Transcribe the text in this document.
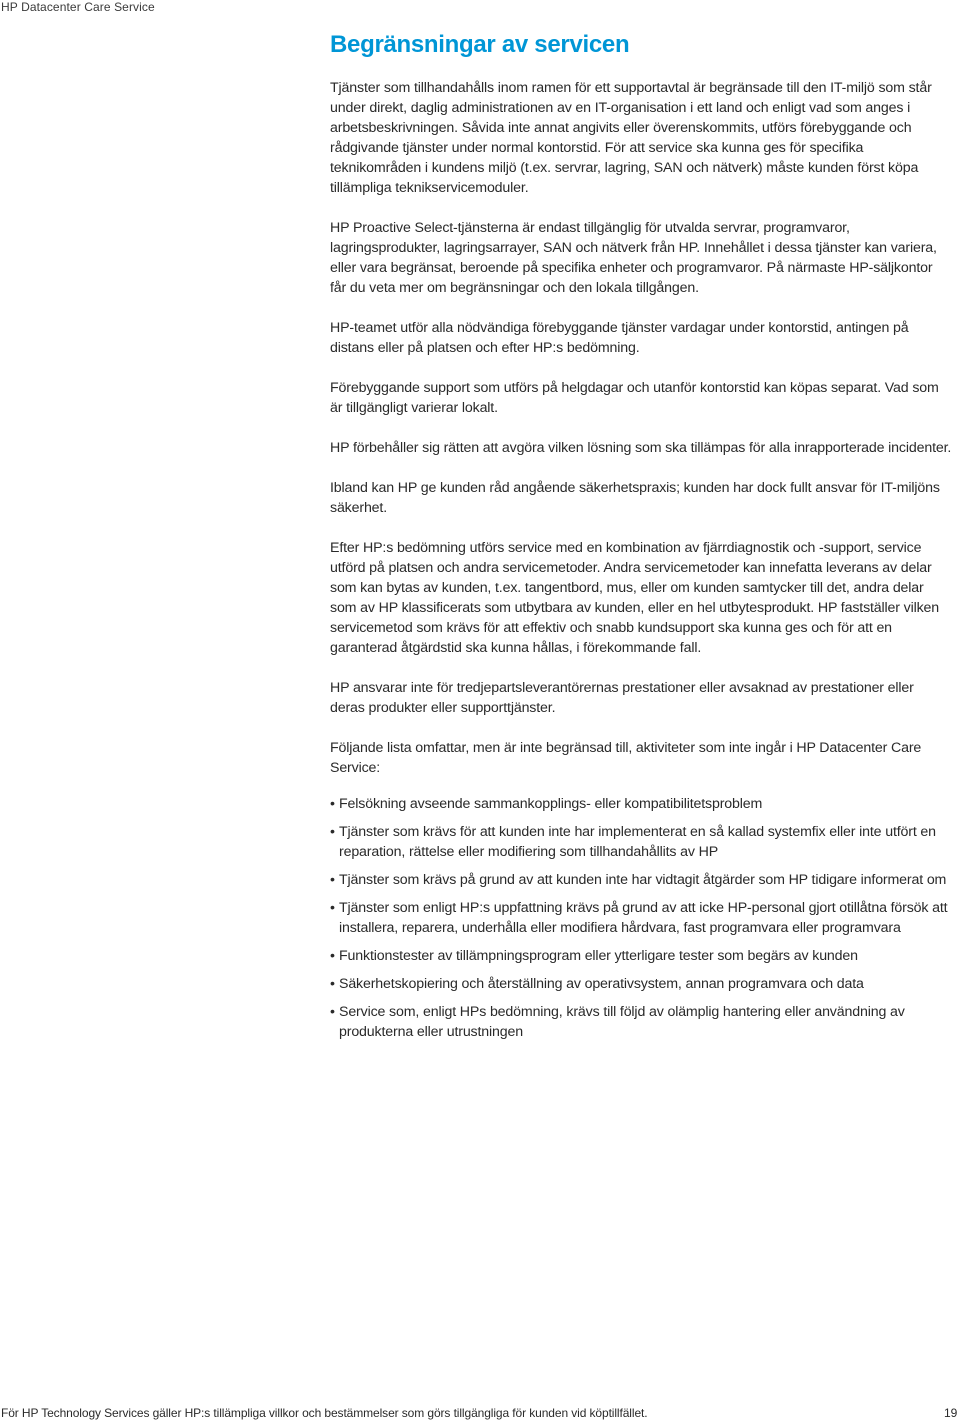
HP Datacenter Care Service
Begränsningar av servicen

Tjänster som tillhandahålls inom ramen för ett supportavtal är begränsade till den IT-miljö som står under direkt, daglig administrationen av en IT-organisation i ett land och enligt vad som anges i arbetsbeskrivningen. Såvida inte annat angivits eller överenskommits, utförs förebyggande och rådgivande tjänster under normal kontorstid. För att service ska kunna ges för specifika teknikområden i kundens miljö (t.ex. servrar, lagring, SAN och nätverk) måste kunden först köpa tillämpliga teknikservicemoduler.

HP Proactive Select-tjänsterna är endast tillgänglig för utvalda servrar, programvaror, lagringsprodukter, lagringsarrayer, SAN och nätverk från HP. Innehållet i dessa tjänster kan variera, eller vara begränsat, beroende på specifika enheter och programvaror. På närmaste HP-säljkontor får du veta mer om begränsningar och den lokala tillgången.

HP-teamet utför alla nödvändiga förebyggande tjänster vardagar under kontorstid, antingen på distans eller på platsen och efter HP:s bedömning.

Förebyggande support som utförs på helgdagar och utanför kontorstid kan köpas separat. Vad som är tillgängligt varierar lokalt.

HP förbehåller sig rätten att avgöra vilken lösning som ska tillämpas för alla inrapporterade incidenter.

Ibland kan HP ge kunden råd angående säkerhetspraxis; kunden har dock fullt ansvar för IT-miljöns säkerhet.

Efter HP:s bedömning utförs service med en kombination av fjärrdiagnostik och -support, service utförd på platsen och andra servicemetoder. Andra servicemetoder kan innefatta leverans av delar som kan bytas av kunden, t.ex. tangentbord, mus, eller om kunden samtycker till det, andra delar som av HP klassificerats som utbytbara av kunden, eller en hel utbytesprodukt. HP fastställer vilken servicemetod som krävs för att effektiv och snabb kundsupport ska kunna ges och för att en garanterad åtgärdstid ska kunna hållas, i förekommande fall.

HP ansvarar inte för tredjepartsleverantörernas prestationer eller avsaknad av prestationer eller deras produkter eller supporttjänster.

Följande lista omfattar, men är inte begränsad till, aktiviteter som inte ingår i HP Datacenter Care Service:

• Felsökning avseende sammankopplings- eller kompatibilitetsproblem
• Tjänster som krävs för att kunden inte har implementerat en så kallad systemfix eller inte utfört en reparation, rättelse eller modifiering som tillhandahållits av HP
• Tjänster som krävs på grund av att kunden inte har vidtagit åtgärder som HP tidigare informerat om
• Tjänster som enligt HP:s uppfattning krävs på grund av att icke HP-personal gjort otillåtna försök att installera, reparera, underhålla eller modifiera hårdvara, fast programvara eller programvara
• Funktionstester av tillämpningsprogram eller ytterligare tester som begärs av kunden
• Säkerhetskopiering och återställning av operativsystem, annan programvara och data
• Service som, enligt HPs bedömning, krävs till följd av olämplig hantering eller användning av produkterna eller utrustningen
För HP Technology Services gäller HP:s tillämpliga villkor och bestämmelser som görs tillgängliga för kunden vid köptillfället.	19
